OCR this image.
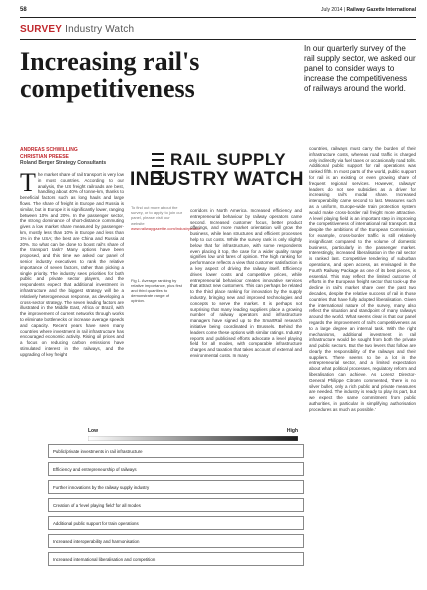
58	July 2014 | Railway Gazette International
SURVEY Industry Watch
Increasing rail's
competitiveness
In our quarterly survey of the rail supply sector, we asked our panel to consider ways to increase the competitiveness of railways around the world.
ANDREAS SCHWILLING
CHRISTIAN PREESE
Roland Berger Strategy Consultants
T he market share of rail transport is very low in most countries. According to our analysis, the US freight railroads are best, handling about 40% of tonne-km, thanks to beneficial factors such as long hauls and large flows. The share of freight in Europe and Russia is similar, but in Europe it is significantly lower, ranging between 10% and 20%. In the passenger sector, the strong dominance of short-distance commuting gives a low market share measured by passenger-km, mostly less than 10% in Europe and less than 1% in the USA; the best are China and Russia at 20%. So what can be done to boost rail's share of the transport task? Many options have been proposed, and this time we asked our panel of senior industry executives to rank the relative importance of seven factors, rather than picking a single priority. The industry sees priorities for both public and private sector players, and the respondents expect that additional investment in infrastructure and the biggest strategy will be a relatively heterogeneous response, as developing a cross-sector strategy. The seven leading factors are illustrated in the Middle East, Africa or Brazil, with the improvement of current networks through works to eliminate bottlenecks or increase average speeds and capacity. Recent years have seen many countries where investment in rail infrastructure has encouraged economic activity. Rising oil prices and a focus on reducing carbon emissions have stimulated interest in the railways, and the upgrading of key freight
RAIL SUPPLY
INDUSTRY WATCH
To find out more about the survey, or to apply to join our panel, please visit our website
www.railwaygazette.com/industrywatch
corridors in North America. Increased efficiency and entrepreneurial behaviour by railway operators came second. Increased customer focus, better product offerings, and more market orientation will grow the business, while lean structures and efficient processes help to cut costs. While the survey rank is only slightly below that for infrastructure, with some respondents even placing it top, the case for a wider quality range signifies low unit fares of opinion. The high ranking for performance reflects a view that customer satisfaction is a key aspect of driving the railway itself. Efficiency drives lower costs and competitive prices, while entrepreneurial behaviour creates innovative services that attract new customers. This can perhaps be related to the third place ranking for innovation by the supply industry, bringing new and improved technologies and concepts to serve the market. It is perhaps not surprising that many leading suppliers place a growing number of railway operators and infrastructure managers have signed up to the SmartRail research initiative being coordinated in Brussels. Behind the leaders come these options with similar ratings. Industry reports and publicised efforts advocate a level playing field for all modes, with comparable infrastructure charges and taxation that takes account of external and environmental costs. In many
countries, railways must carry the burden of their infrastructure costs, whereas road traffic is charged only indirectly via fuel taxes or occasionally road tolls. Additional public support for rail operations was ranked fifth. In most parts of the world, public support for rail is an existing or even growing share of frequent regional services. However, railways' leaders do not see subsidies as a driver for increasing rail's modal share. Increased interoperability came second to last. Measures such as a uniform, Europe-wide train protection system would make cross-border rail freight more attractive. A level playing field is an important step in improving the competitiveness of international rail transport. But despite the ambitions of the European Commission, for example, cross-border traffic is still relatively insignificant compared to the volume of domestic business, particularly in the passenger market. Interestingly, increased liberalisation in the rail sector is ranked last. Competitive tendering of suburban operations, and open access, as envisaged in the Fourth Railway Package as one of its best pieces, is essential. This may reflect the limited outcome of efforts in the European freight sector that took-up the decline in rail's market share over the past two decades, despite the relative success of rail in those countries that have fully adopted liberalisation. Given the international nature of the survey, many also reflect the situation and standpoint of many railways around the world. What seems clear is that our panel regards the improvement of rail's competitiveness as to a large degree an internal task. With the right mechanisms, additional investment in rail infrastructure would be sought from both the private and public sectors. But the two levers that follow are clearly the responsibility of the railways and their suppliers. There seems to be a lot in the entrepreneurial sector, and a limited expectation about what political processes, regulatory reform and liberalisation can achieve. As Lorenz Director-General Philippe Citroën commented, 'there is no silver bullet, only a rich public and private measures are needed. The industry is ready to play its part, but we expect the same commitment from public authorities, in particular in simplifying authorisation procedures as much as possible.'
Fig 1. Average ranking by relative importance, plus first and third quartiles to demonstrate range of opinion.
Low	High
Public/private investments in rail infrastructure
Efficiency and entrepreneurship of railways
Further innovations by the railway supply industry
Creation of a 'level playing field' for all modes
Additional public support for train operations
Increased interoperability and harmonisation
Increased international liberalisation and competition
